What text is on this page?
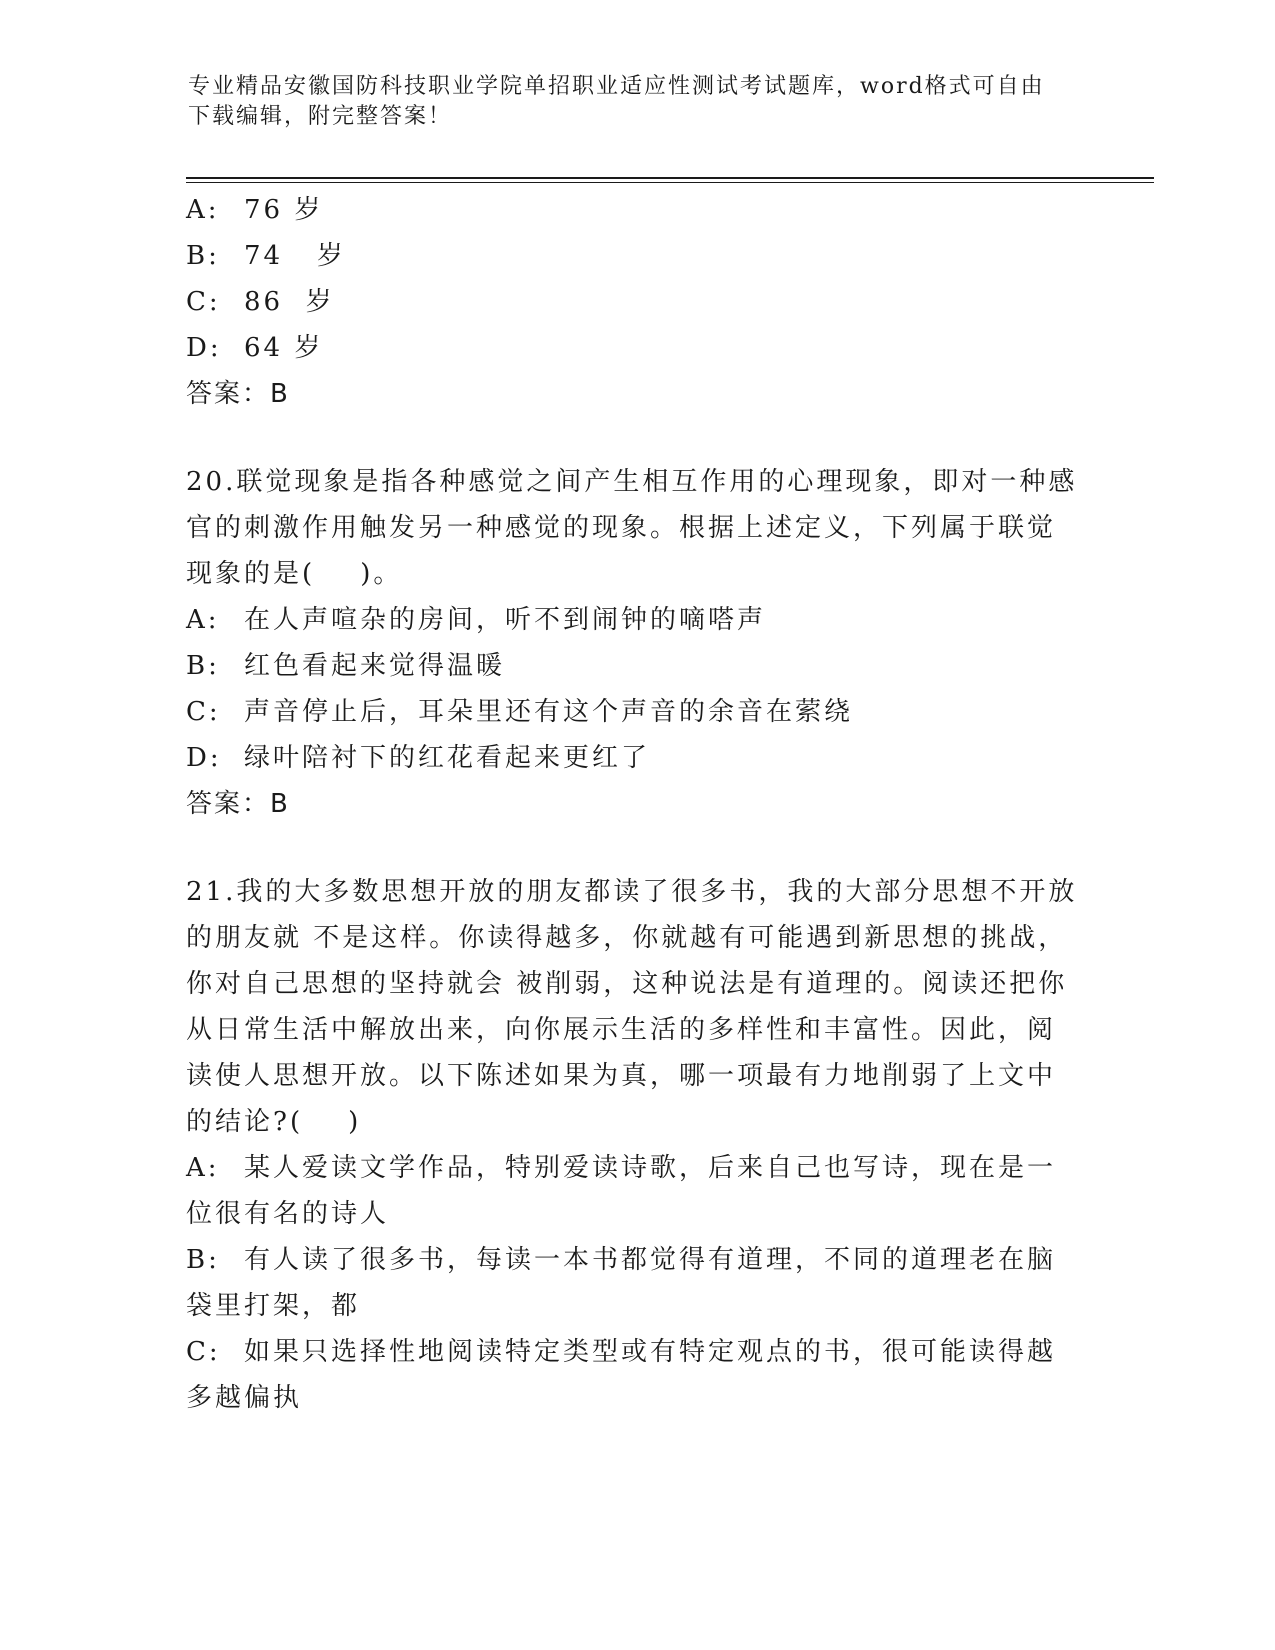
专业精品安徽国防科技职业学院单招职业适应性测试考试题库，word格式可自由
下载编辑，附完整答案！
A: 76 岁
B: 74   岁
C: 86  岁
D: 64 岁
答案：B
20.联觉现象是指各种感觉之间产生相互作用的心理现象，即对一种感
官的刺激作用触发另一种感觉的现象。根据上述定义，下列属于联觉
现象的是(    )。
A: 在人声喧杂的房间，听不到闹钟的嘀嗒声
B: 红色看起来觉得温暖
C: 声音停止后，耳朵里还有这个声音的余音在萦绕
D: 绿叶陪衬下的红花看起来更红了
答案：B
21.我的大多数思想开放的朋友都读了很多书，我的大部分思想不开放
的朋友就 不是这样。你读得越多，你就越有可能遇到新思想的挑战，
你对自己思想的坚持就会 被削弱，这种说法是有道理的。阅读还把你
从日常生活中解放出来，向你展示生活的多样性和丰富性。因此，阅
读使人思想开放。以下陈述如果为真，哪一项最有力地削弱了上文中
的结论?(    )
A: 某人爱读文学作品，特别爱读诗歌，后来自己也写诗，现在是一
位很有名的诗人
B: 有人读了很多书，每读一本书都觉得有道理，不同的道理老在脑
袋里打架，都
C: 如果只选择性地阅读特定类型或有特定观点的书，很可能读得越
多越偏执
